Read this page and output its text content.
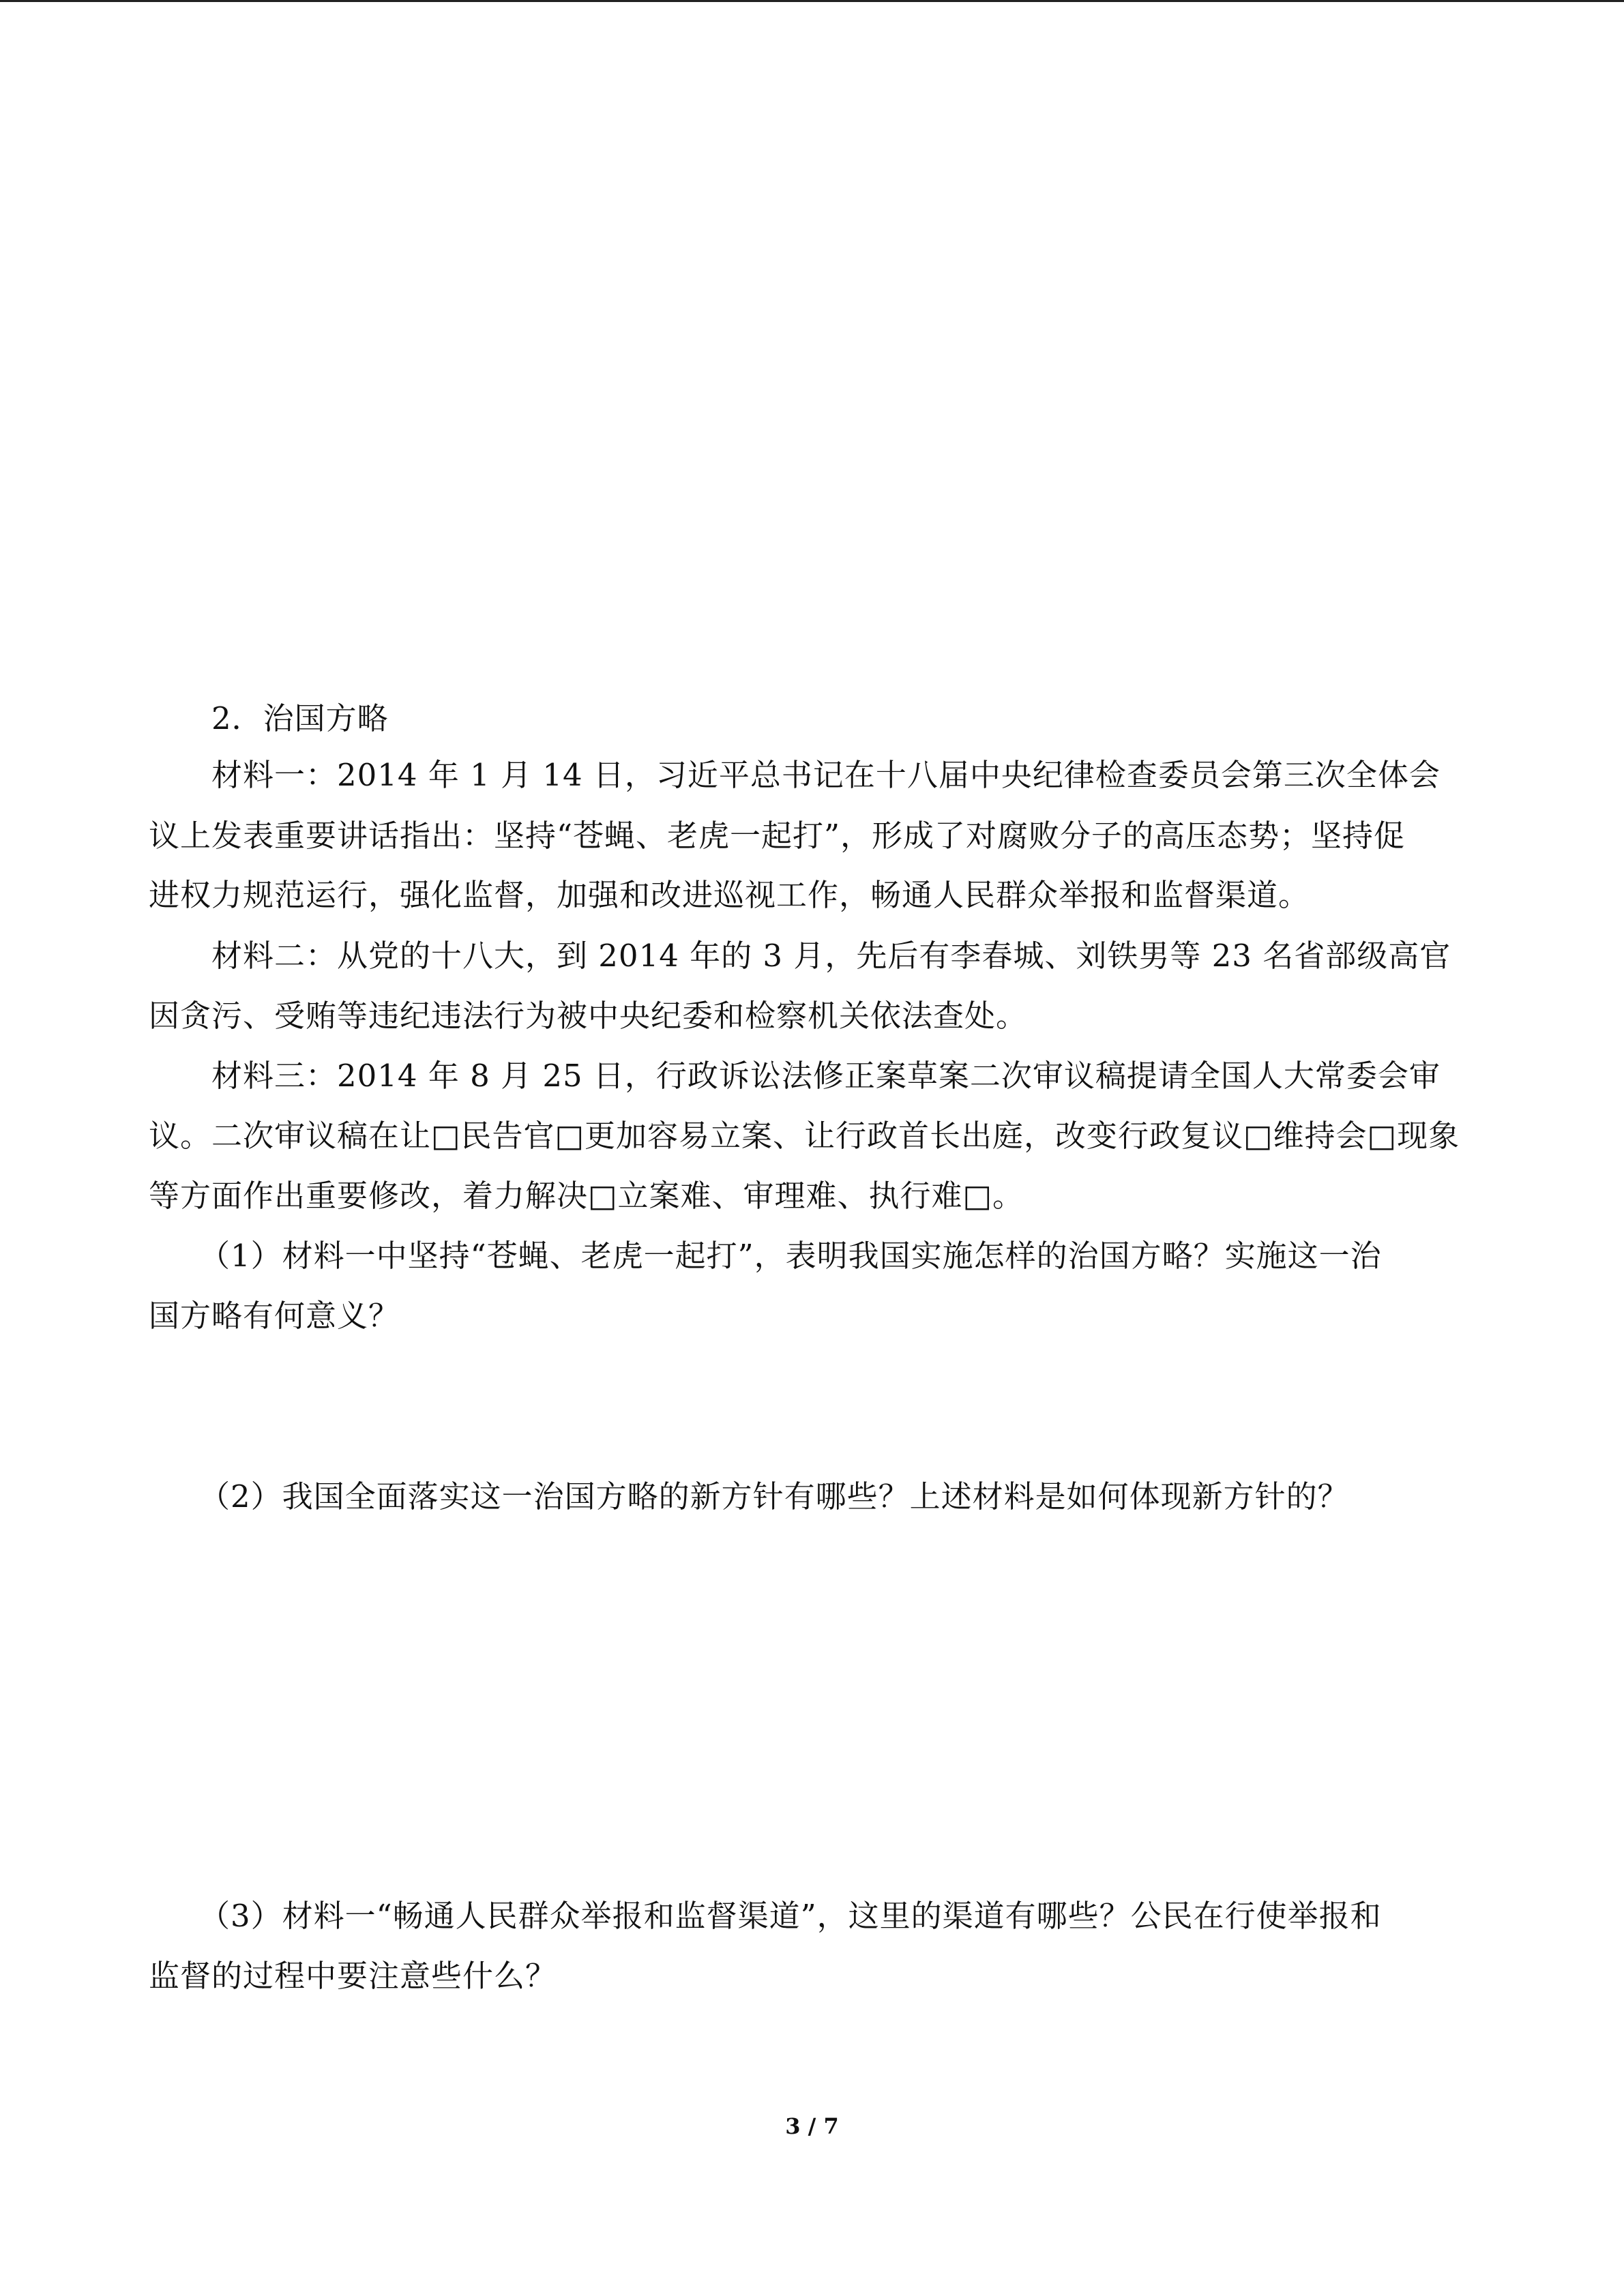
2．治国方略
材料一：2014 年 1 月 14 日，习近平总书记在十八届中央纪律检查委员会第三次全体会
议上发表重要讲话指出：坚持“苍蝇、老虎一起打”，形成了对腐败分子的高压态势；坚持促
进权力规范运行，强化监督，加强和改进巡视工作，畅通人民群众举报和监督渠道。
材料二：从党的十八大，到 2014 年的 3 月，先后有李春城、刘铁男等 23 名省部级高官
因贪污、受贿等违纪违法行为被中央纪委和检察机关依法查处。
材料三：2014 年 8 月 25 日，行政诉讼法修正案草案二次审议稿提请全国人大常委会审
议。二次审议稿在让□民告官□更加容易立案、让行政首长出庭，改变行政复议□维持会□现象
等方面作出重要修改，着力解决□立案难、审理难、执行难□。
（1）材料一中坚持“苍蝇、老虎一起打”，表明我国实施怎样的治国方略？实施这一治
国方略有何意义？
（2）我国全面落实这一治国方略的新方针有哪些？上述材料是如何体现新方针的？
（3）材料一“畅通人民群众举报和监督渠道”，这里的渠道有哪些？公民在行使举报和
监督的过程中要注意些什么？
3 / 7
